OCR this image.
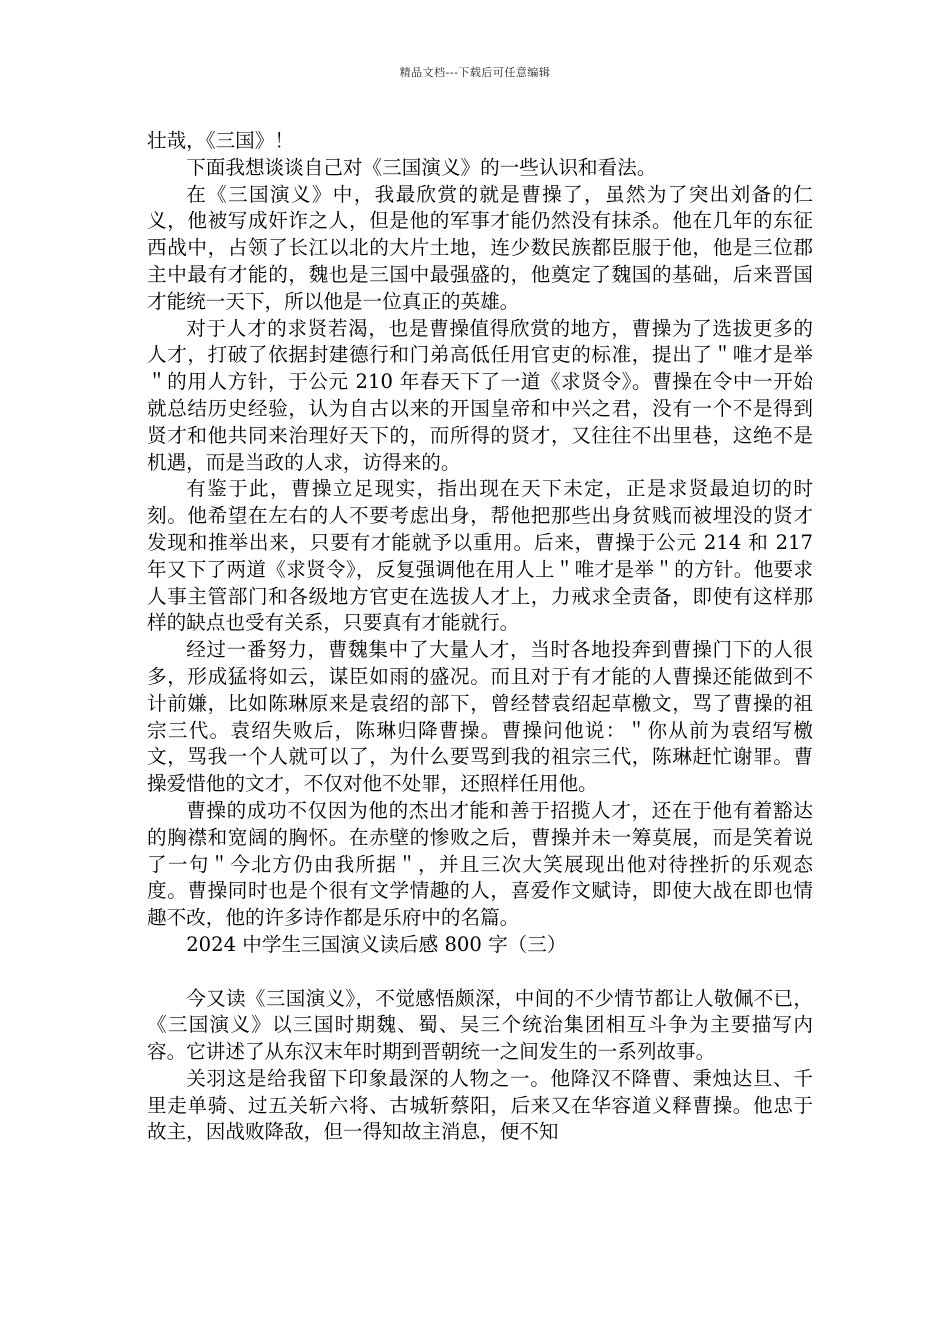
精品文档---下载后可任意编辑

壮哉，《三国》！

下面我想谈谈自己对《三国演义》的一些认识和看法。

在《三国演义》中，我最欣赏的就是曹操了，虽然为了突出刘备的仁义，他被写成奸诈之人，但是他的军事才能仍然没有抹杀。他在几年的东征西战中，占领了长江以北的大片土地，连少数民族都臣服于他，他是三位郡主中最有才能的，魏也是三国中最强盛的，他奠定了魏国的基础，后来晋国才能统一天下，所以他是一位真正的英雄。

对于人才的求贤若渴，也是曹操值得欣赏的地方，曹操为了选拔更多的人才，打破了依据封建德行和门弟高低任用官吏的标准，提出了＂唯才是举＂的用人方针，于公元 210 年春天下了一道《求贤令》。曹操在令中一开始就总结历史经验，认为自古以来的开国皇帝和中兴之君，没有一个不是得到贤才和他共同来治理好天下的，而所得的贤才，又往往不出里巷，这绝不是机遇，而是当政的人求，访得来的。

有鉴于此，曹操立足现实，指出现在天下未定，正是求贤最迫切的时刻。他希望在左右的人不要考虑出身，帮他把那些出身贫贱而被埋没的贤才发现和推举出来，只要有才能就予以重用。后来，曹操于公元 214 和 217 年又下了两道《求贤令》，反复强调他在用人上＂唯才是举＂的方针。他要求人事主管部门和各级地方官吏在选拔人才上，力戒求全责备，即使有这样那样的缺点也受有关系，只要真有才能就行。

经过一番努力，曹魏集中了大量人才，当时各地投奔到曹操门下的人很多，形成猛将如云，谋臣如雨的盛况。而且对于有才能的人曹操还能做到不计前嫌，比如陈琳原来是袁绍的部下，曾经替袁绍起草檄文，骂了曹操的祖宗三代。袁绍失败后，陈琳归降曹操。曹操问他说：＂你从前为袁绍写檄文，骂我一个人就可以了，为什么要骂到我的祖宗三代，陈琳赶忙谢罪。曹操爱惜他的文才，不仅对他不处罪，还照样任用他。

曹操的成功不仅因为他的杰出才能和善于招揽人才，还在于他有着豁达的胸襟和宽阔的胸怀。在赤壁的惨败之后，曹操并未一筹莫展，而是笑着说了一句＂今北方仍由我所据＂，并且三次大笑展现出他对待挫折的乐观态度。曹操同时也是个很有文学情趣的人，喜爱作文赋诗，即使大战在即也情趣不改，他的许多诗作都是乐府中的名篇。

2024 中学生三国演义读后感 800 字（三）

今又读《三国演义》，不觉感悟颇深，中间的不少情节都让人敬佩不已，《三国演义》以三国时期魏、蜀、吴三个统治集团相互斗争为主要描写内容。它讲述了从东汉末年时期到晋朝统一之间发生的一系列故事。

关羽这是给我留下印象最深的人物之一。他降汉不降曹、秉烛达旦、千里走单骑、过五关斩六将、古城斩蔡阳，后来又在华容道义释曹操。他忠于故主，因战败降敌，但一得知故主消息，便不知
